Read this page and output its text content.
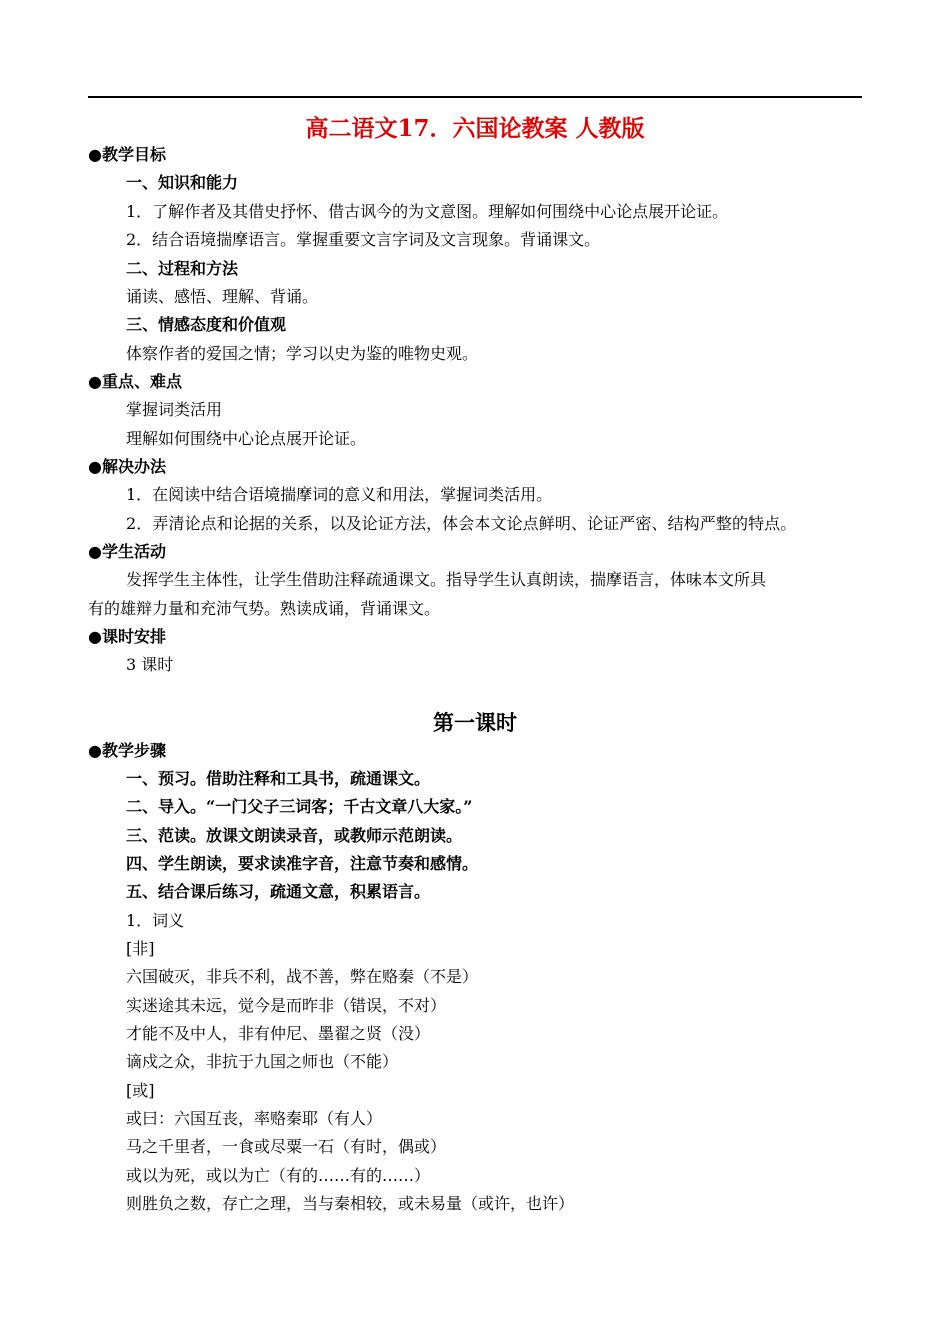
高二语文17．六国论教案 人教版
●教学目标
一、知识和能力
1．了解作者及其借史抒怀、借古讽今的为文意图。理解如何围绕中心论点展开论证。
2．结合语境揣摩语言。掌握重要文言字词及文言现象。背诵课文。
二、过程和方法
诵读、感悟、理解、背诵。
三、情感态度和价值观
体察作者的爱国之情；学习以史为鉴的唯物史观。
●重点、难点
掌握词类活用
理解如何围绕中心论点展开论证。
●解决办法
1．在阅读中结合语境揣摩词的意义和用法，掌握词类活用。
2．弄清论点和论据的关系，以及论证方法，体会本文论点鲜明、论证严密、结构严整的特点。
●学生活动
发挥学生主体性，让学生借助注释疏通课文。指导学生认真朗读，揣摩语言，体味本文所具
有的雄辩力量和充沛气势。熟读成诵，背诵课文。
●课时安排
3 课时
第一课时
●教学步骤
一、预习。借助注释和工具书，疏通课文。
二、导入。“一门父子三词客；千古文章八大家。”
三、范读。放课文朗读录音，或教师示范朗读。
四、学生朗读，要求读准字音，注意节奏和感情。
五、结合课后练习，疏通文意，积累语言。
1．词义
[非]
六国破灭，非兵不利，战不善，弊在赂秦（不是）
实迷途其未远，觉今是而昨非（错误，不对）
才能不及中人，非有仲尼、墨翟之贤（没）
谪戍之众，非抗于九国之师也（不能）
[或]
或曰：六国互丧，率赂秦耶（有人）
马之千里者，一食或尽粟一石（有时，偶或）
或以为死，或以为亡（有的……有的……）
则胜负之数，存亡之理，当与秦相较，或未易量（或许，也许）
